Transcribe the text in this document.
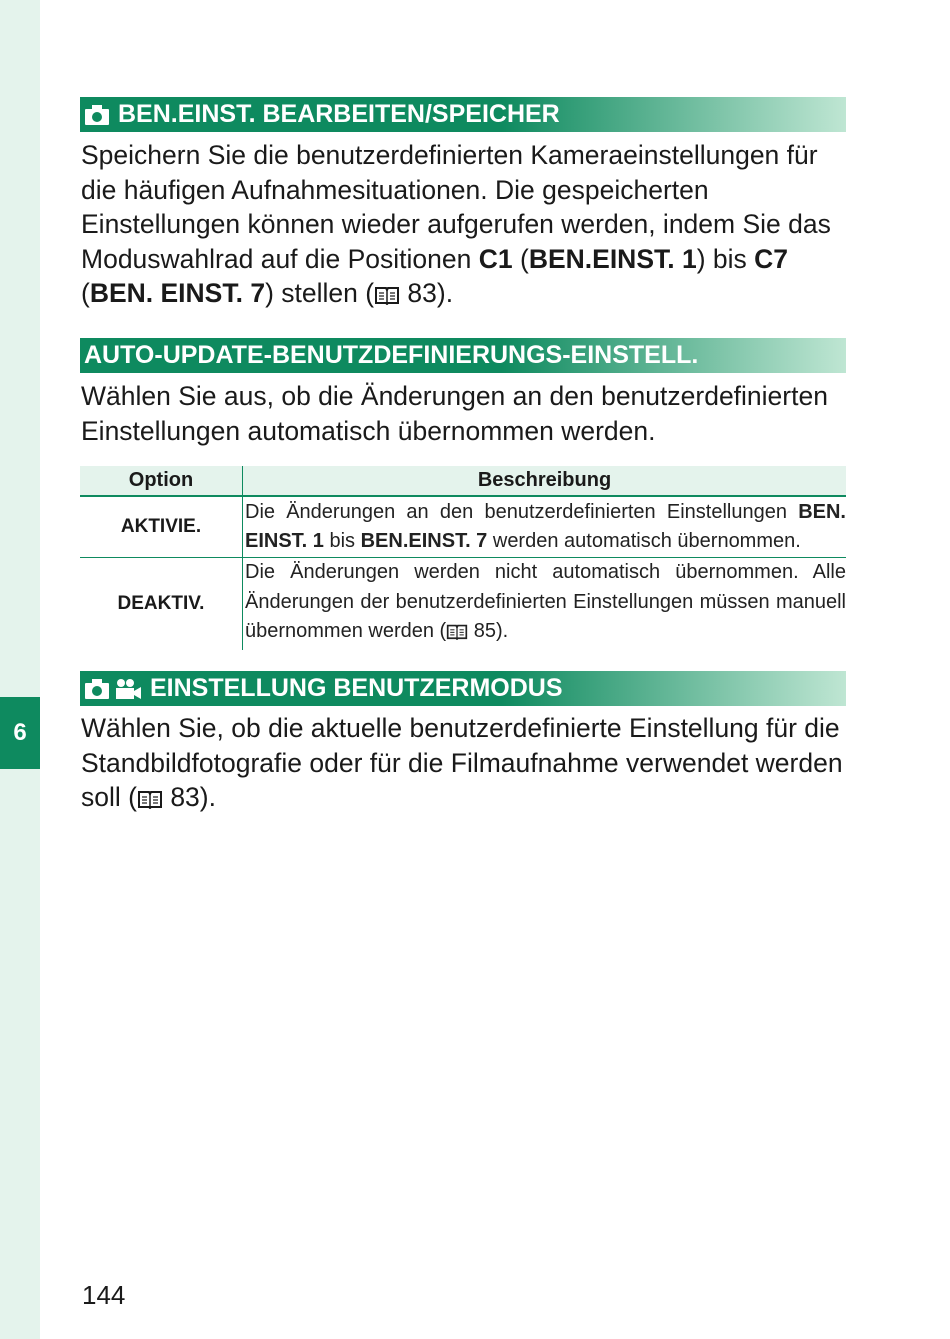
6
BEN.EINST. BEARBEITEN/SPEICHER

Speichern Sie die benutzerdefinierten Kameraeinstellungen für die häufigen Aufnahmesituationen. Die gespeicherten Einstellungen können wieder aufgerufen werden, indem Sie das Moduswahlrad auf die Positionen C1 (BEN.EINST. 1) bis C7 (BEN. EINST. 7) stellen ( 83).

AUTO-UPDATE-BENUTZDEFINIERUNGS-EINSTELL.

Wählen Sie aus, ob die Änderungen an den benutzerdefinierten Einstellungen automatisch übernommen werden.

Option	Beschreibung
AKTIVIE.	Die Änderungen an den benutzerdefinierten Einstellungen BEN. EINST. 1 bis BEN.EINST. 7 werden automatisch übernommen.
DEAKTIV.	Die Änderungen werden nicht automatisch übernommen. Alle Änderungen der benutzerdefinierten Einstellungen müssen manuell übernommen werden ( 85).
EINSTELLUNG BENUTZERMODUS

Wählen Sie, ob die aktuelle benutzerdefinierte Einstellung für die Standbildfotografie oder für die Filmaufnahme verwendet werden soll ( 83).

144
